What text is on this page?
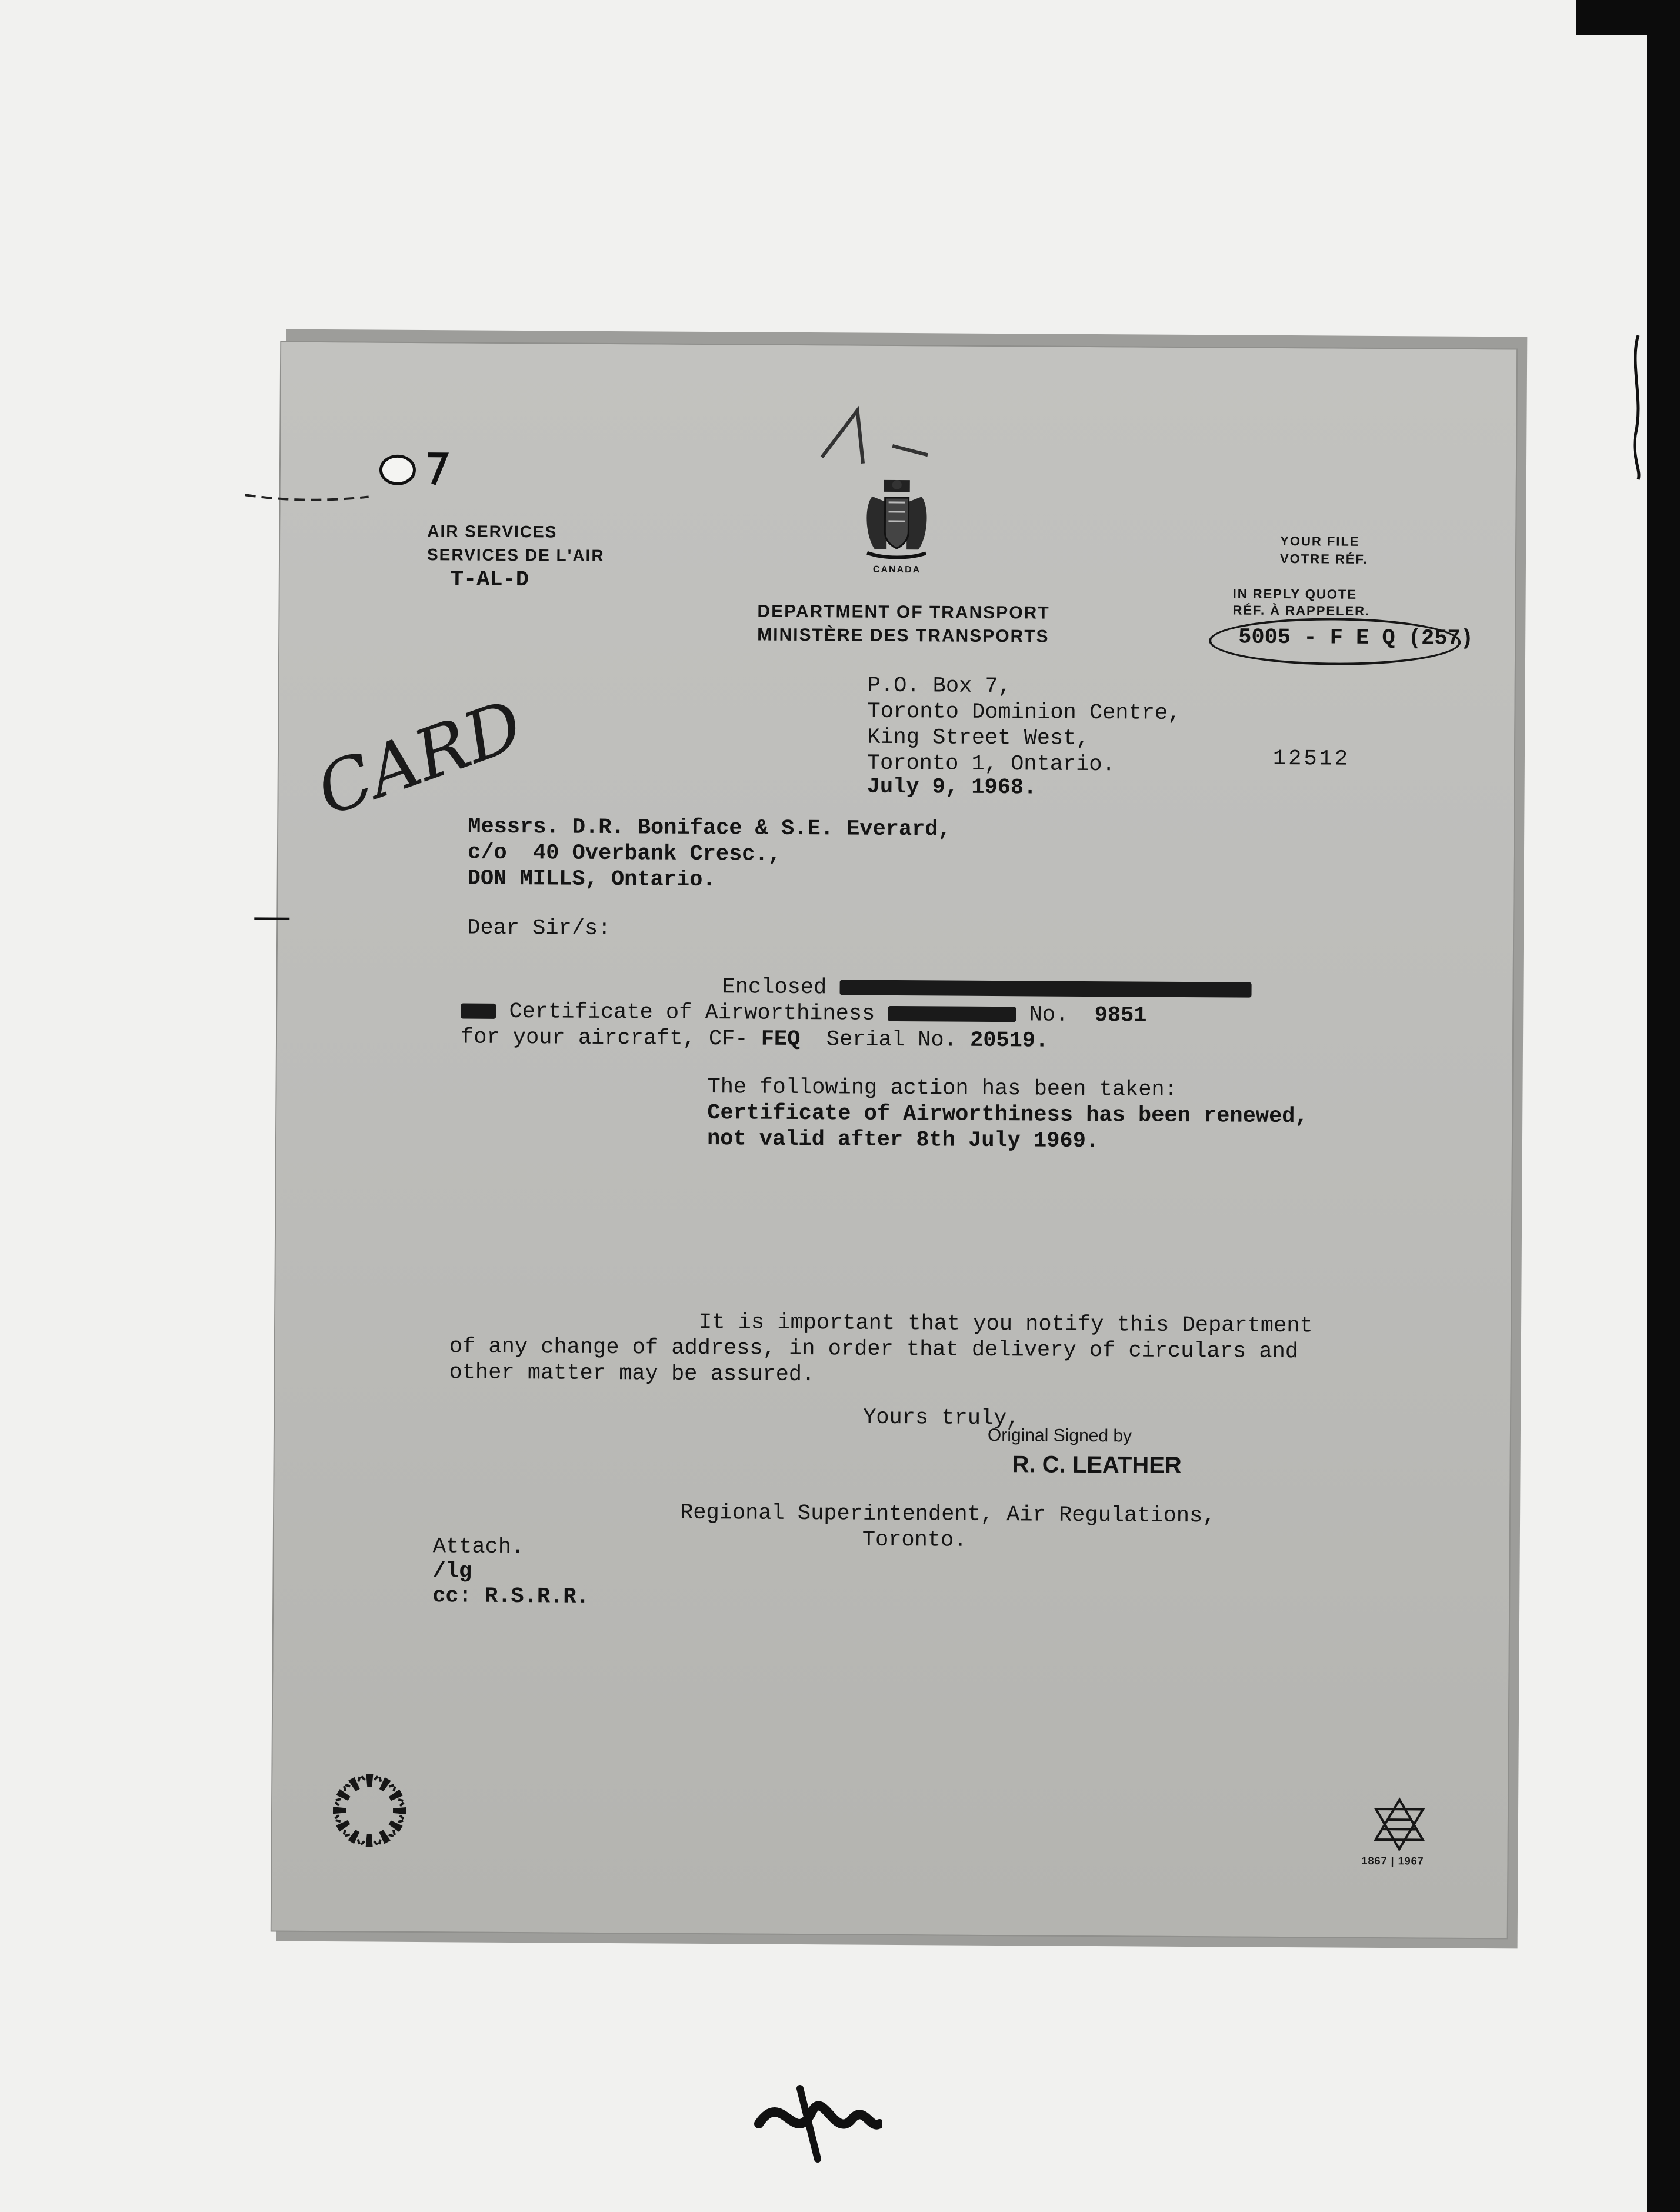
AIR SERVICES
SERVICES DE L'AIR
T-AL-D	CANADA
DEPARTMENT OF TRANSPORT
MINISTÈRE DES TRANSPORTS
YOUR FILE
VOTRE RÉF.
IN REPLY QUOTE
RÉF. À RAPPELER.
5005 - F E Q (257)
12512
P.O. Box 7,
Toronto Dominion Centre,
King Street West,
Toronto 1, Ontario.
July 9, 1968.
CARD
Messrs. D.R. Boniface & S.E. Everard,
c/o  40 Overbank Cresc.,
DON MILLS, Ontario.
Dear Sir/s:
Enclosed
Certificate of Airworthiness	No. 9851
for your aircraft, CF- FEQ Serial No. 20519.
The following action has been taken:
Certificate of Airworthiness has been renewed,
not valid after 8th July 1969.
It is important that you notify this Department
of any change of address, in order that delivery of circulars and
other matter may be assured.
Yours truly,
Original Signed by
R. C. LEATHER
Regional Superintendent, Air Regulations,
Toronto.
Attach.
/lg
cc: R.S.R.R.
1867 | 1967
